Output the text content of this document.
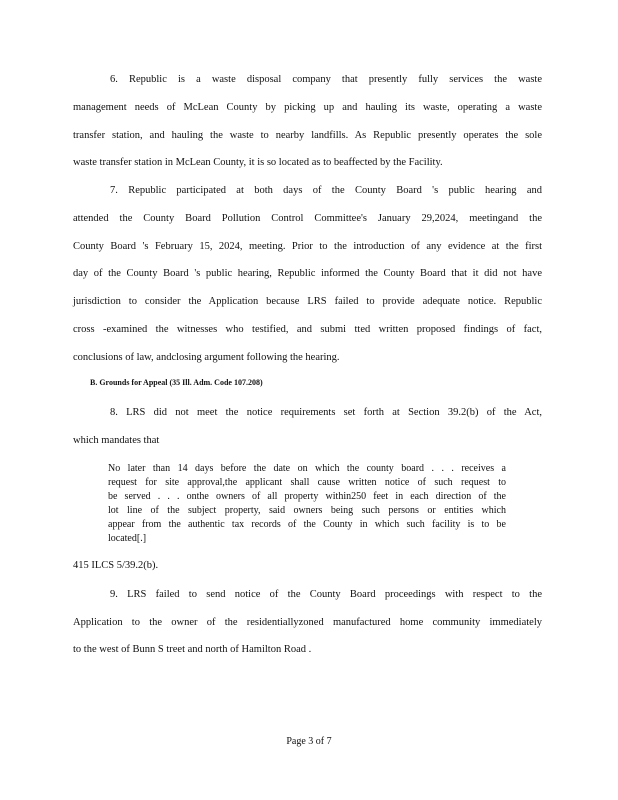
6. Republic is a waste disposal company that presently fully services the waste
management needs of McLean County by picking up and hauling its waste, operating a waste
transfer station, and hauling the waste to nearby landfills. As Republic presently operates the sole
waste transfer station in McLean County, it is so located as to beaffected by the Facility.
7. Republic participated at both days of the County Board 's public hearing and
attended the County Board Pollution Control Committee's January 29,2024, meetingand the
County Board 's February 15, 2024, meeting. Prior to the introduction of any evidence at the first
day of the County Board 's public hearing, Republic informed the County Board that it did not have
jurisdiction to consider the Application because LRS failed to provide adequate notice. Republic
cross -examined the witnesses who testified, and submi tted written proposed findings of fact,
conclusions of law, andclosing argument following the hearing.
B. Grounds for Appeal (35 Ill. Adm. Code 107.208)
8. LRS did not meet the notice requirements set forth at Section 39.2(b) of the Act,
which mandates that
No later than 14 days before the date on which the county board . . . receives a
request for site approval,the applicant shall cause written notice of such request to
be served . . . onthe owners of all property within250 feet in each direction of the
lot line of the subject property, said owners being such persons or entities which
appear from the authentic tax records of the County in which such facility is to be
located[.]
415 ILCS 5/39.2(b).
9. LRS failed to send notice of the County Board proceedings with respect to the
Application to the owner of the residentiallyzoned manufactured home community immediately
to the west of Bunn S treet and north of Hamilton Road .
Page 3 of 7
